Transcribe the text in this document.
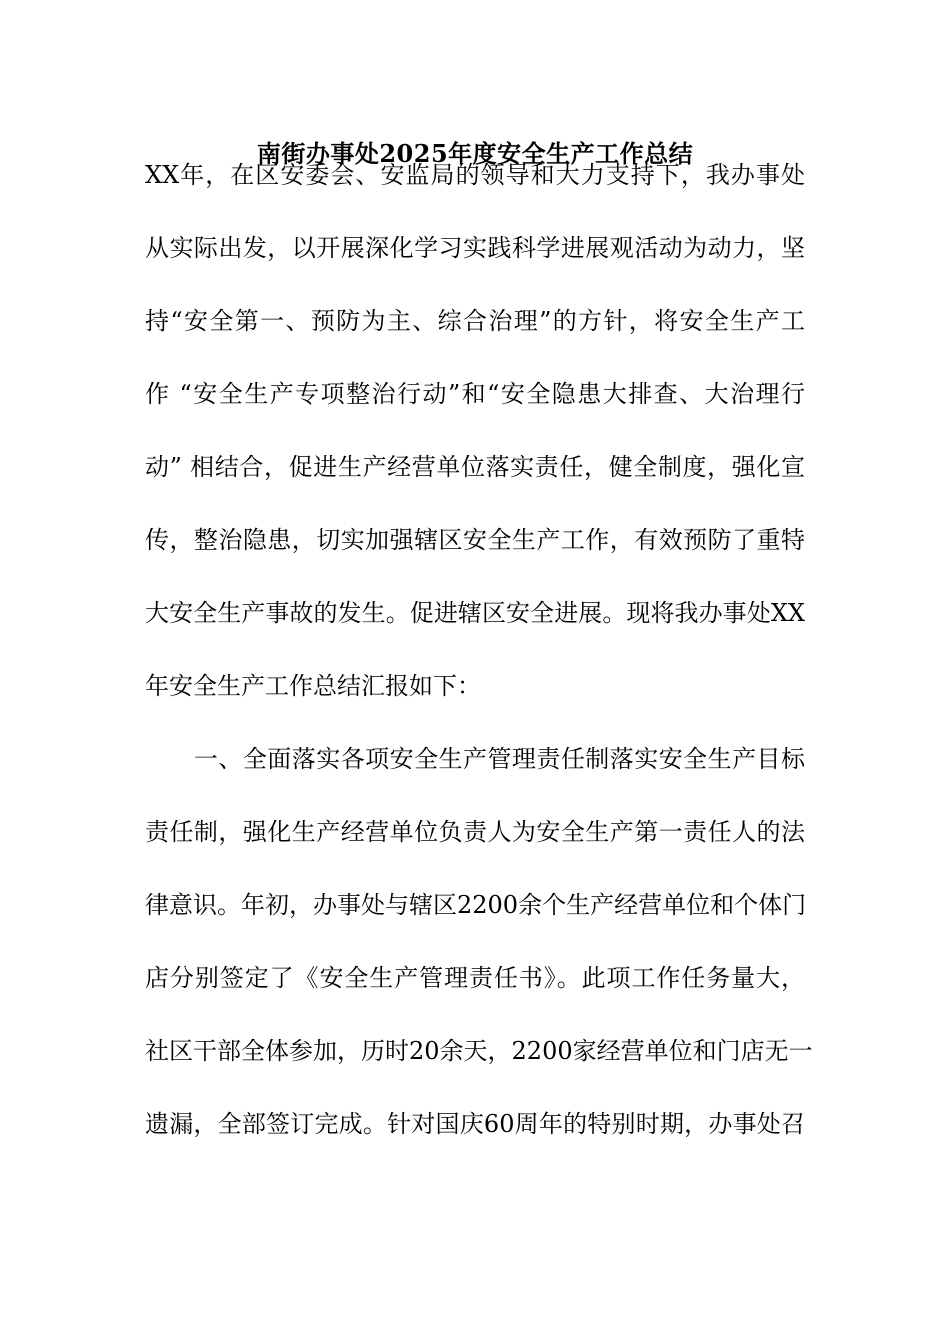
南街办事处2025年度安全生产工作总结
XX年，在区安委会、安监局的领导和大力支持下，我办事处
从实际出发，以开展深化学习实践科学进展观活动为动力，坚
持“安全第一、预防为主、综合治理”的方针，将安全生产工
作 “安全生产专项整治行动”和“安全隐患大排查、大治理行
动” 相结合，促进生产经营单位落实责任，健全制度，强化宣
传，整治隐患，切实加强辖区安全生产工作，有效预防了重特
大安全生产事故的发生。促进辖区安全进展。现将我办事处XX
年安全生产工作总结汇报如下：
　　一、全面落实各项安全生产管理责任制落实安全生产目标
责任制，强化生产经营单位负责人为安全生产第一责任人的法
律意识。年初，办事处与辖区2200余个生产经营单位和个体门
店分别签定了《安全生产管理责任书》。此项工作任务量大，
社区干部全体参加，历时20余天，2200家经营单位和门店无一
遗漏，全部签订完成。针对国庆60周年的特别时期，办事处召
